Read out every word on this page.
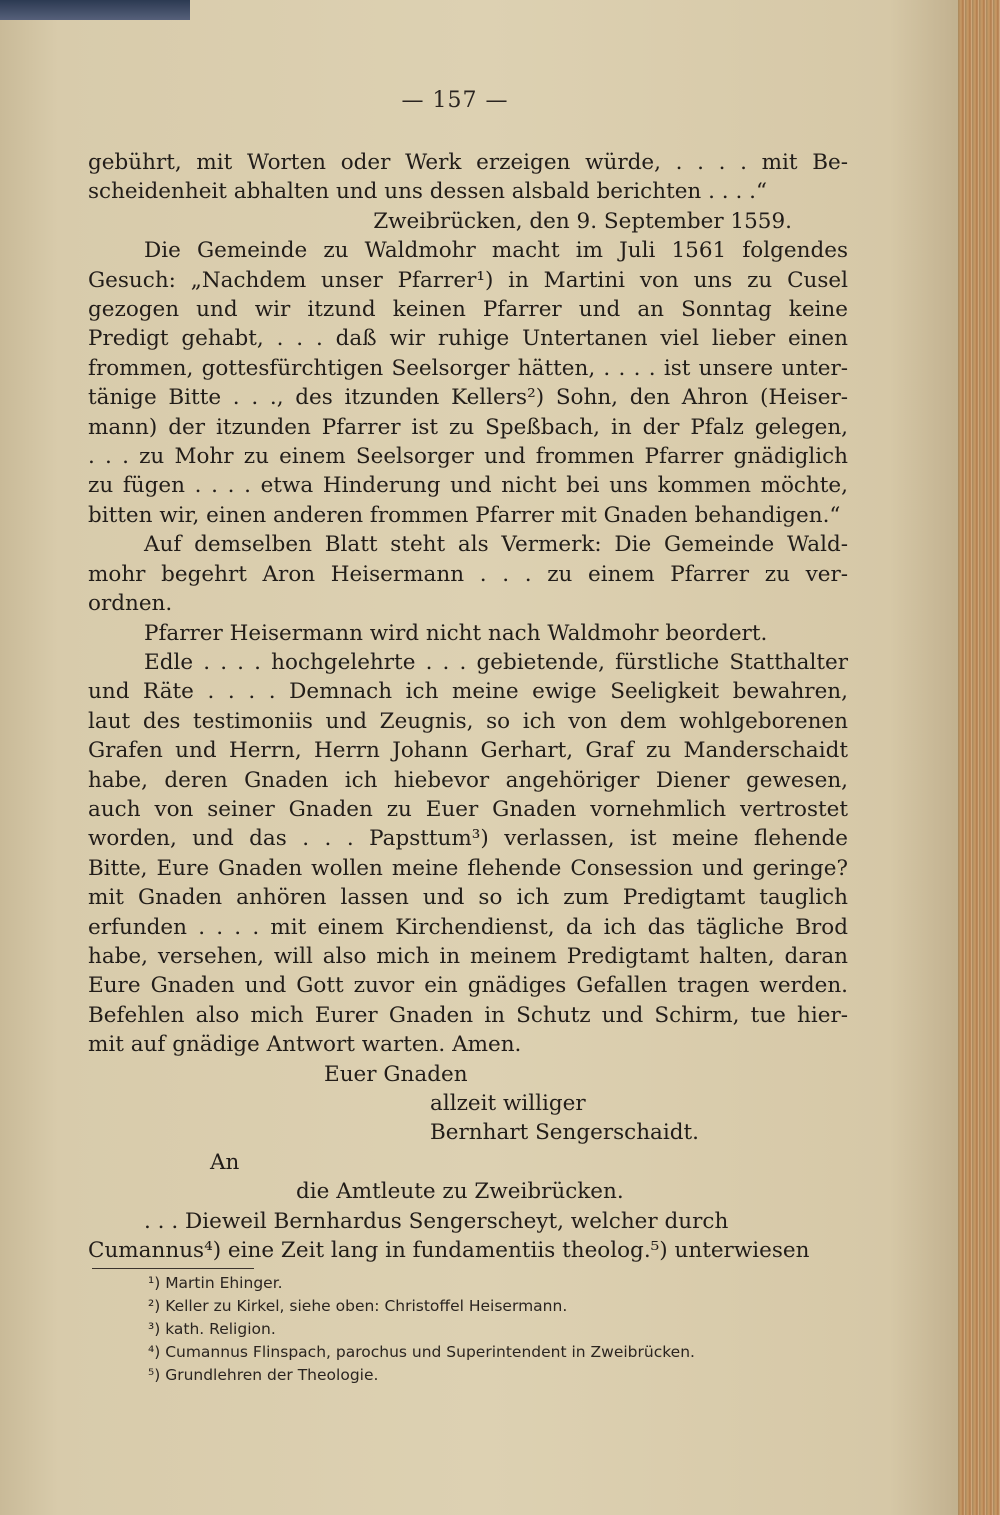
— 157 —

gebührt, mit Worten oder Werk erzeigen würde, . . . . mit Be-

scheidenheit abhalten und uns dessen alsbald berichten . . . .“

Zweibrücken, den 9. September 1559.

Die Gemeinde zu Waldmohr macht im Juli 1561 folgendes

Gesuch: „Nachdem unser Pfarrer¹) in Martini von uns zu Cusel

gezogen und wir itzund keinen Pfarrer und an Sonntag keine

Predigt gehabt, . . . daß wir ruhige Untertanen viel lieber einen

frommen, gottesfürchtigen Seelsorger hätten, . . . . ist unsere unter-

tänige Bitte . . ., des itzunden Kellers²) Sohn, den Ahron (Heiser-

mann) der itzunden Pfarrer ist zu Speßbach, in der Pfalz gelegen,

. . . zu Mohr zu einem Seelsorger und frommen Pfarrer gnädiglich

zu fügen . . . . etwa Hinderung und nicht bei uns kommen möchte,

bitten wir, einen anderen frommen Pfarrer mit Gnaden behandigen.“

Auf demselben Blatt steht als Vermerk: Die Gemeinde Wald-

mohr begehrt Aron Heisermann . . . zu einem Pfarrer zu ver-

ordnen.

Pfarrer Heisermann wird nicht nach Waldmohr beordert.

Edle . . . . hochgelehrte . . . gebietende, fürstliche Statthalter

und Räte . . . . Demnach ich meine ewige Seeligkeit bewahren,

laut des testimoniis und Zeugnis, so ich von dem wohlgeborenen

Grafen und Herrn, Herrn Johann Gerhart, Graf zu Manderschaidt

habe, deren Gnaden ich hiebevor angehöriger Diener gewesen,

auch von seiner Gnaden zu Euer Gnaden vornehmlich vertrostet

worden, und das . . . Papsttum³) verlassen, ist meine flehende

Bitte, Eure Gnaden wollen meine flehende Consession und geringe?

mit Gnaden anhören lassen und so ich zum Predigtamt tauglich

erfunden . . . . mit einem Kirchendienst, da ich das tägliche Brod

habe, versehen, will also mich in meinem Predigtamt halten, daran

Eure Gnaden und Gott zuvor ein gnädiges Gefallen tragen werden.

Befehlen also mich Eurer Gnaden in Schutz und Schirm, tue hier-

mit auf gnädige Antwort warten. Amen.

Euer Gnaden

allzeit williger

Bernhart Sengerschaidt.

An

die Amtleute zu Zweibrücken.

. . . Dieweil Bernhardus Sengerscheyt, welcher durch

Cumannus⁴) eine Zeit lang in fundamentiis theolog.⁵) unterwiesen

¹) Martin Ehinger.

²) Keller zu Kirkel, siehe oben: Christoffel Heisermann.

³) kath. Religion.

⁴) Cumannus Flinspach, parochus und Superintendent in Zweibrücken.

⁵) Grundlehren der Theologie.
